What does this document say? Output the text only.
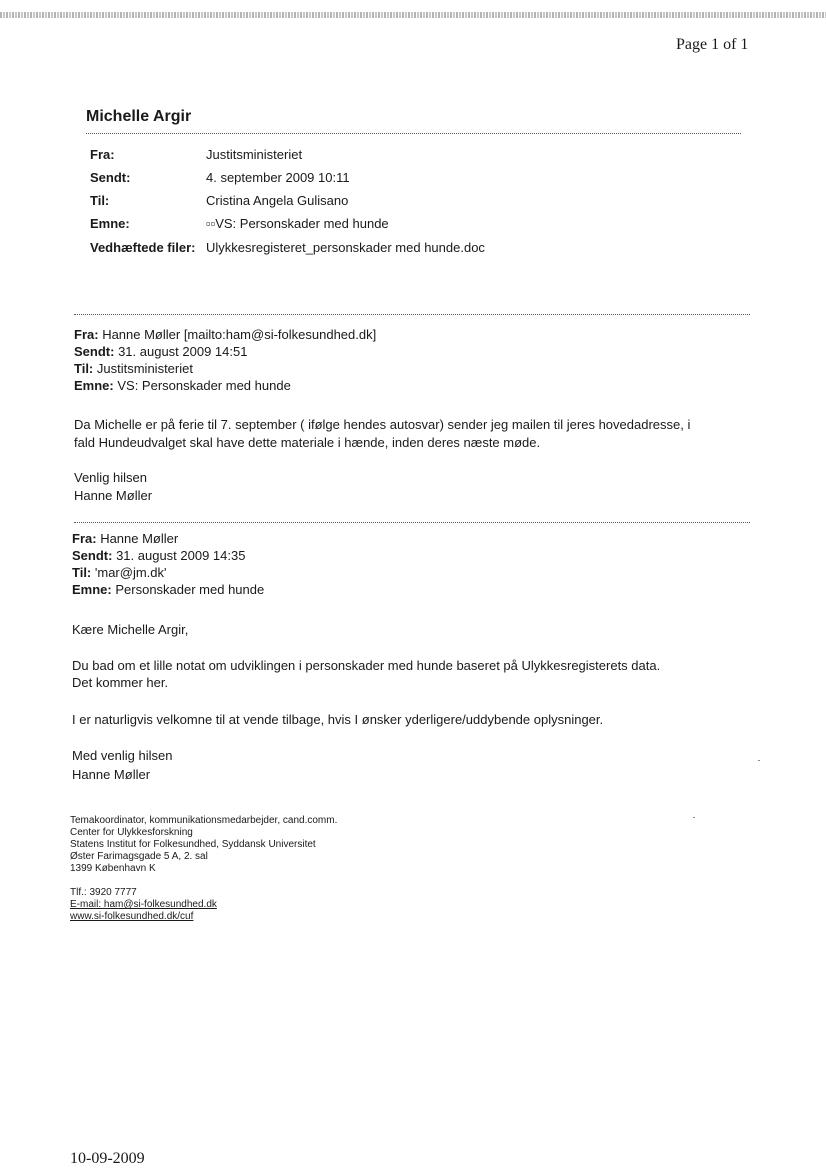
Page 1 of 1
Michelle Argir
Fra:	Justitsministeriet
Sendt:	4. september 2009 10:11
Til:	Cristina Angela Gulisano
Emne:	▫▫VS: Personskader med hunde
Vedhæftede filer: Ulykkesregisteret_personskader med hunde.doc
Fra: Hanne Møller [mailto:ham@si-folkesundhed.dk]
Sendt: 31. august 2009 14:51
Til: Justitsministeriet
Emne: VS: Personskader med hunde
Da Michelle er på ferie til 7. september ( ifølge hendes autosvar) sender jeg mailen til jeres hovedadresse, i
fald Hundeudvalget skal have dette materiale i hænde, inden deres næste møde.
Venlig hilsen
Hanne Møller
Fra: Hanne Møller
Sendt: 31. august 2009 14:35
Til: 'mar@jm.dk'
Emne: Personskader med hunde
Kære Michelle Argir,
Du bad om et lille notat om udviklingen i personskader med hunde baseret på Ulykkesregisterets data.
Det kommer her.
I er naturligvis velkomne til at vende tilbage, hvis I ønsker yderligere/uddybende oplysninger.
Med venlig hilsen
Hanne Møller
Temakoordinator, kommunikationsmedarbejder, cand.comm.
Center for Ulykkesforskning
Statens Institut for Folkesundhed, Syddansk Universitet
Øster Farimagsgade 5 A, 2. sal
1399 København K
Tlf.: 3920 7777
E-mail: ham@si-folkesundhed.dk
www.si-folkesundhed.dk/cuf
10-09-2009
